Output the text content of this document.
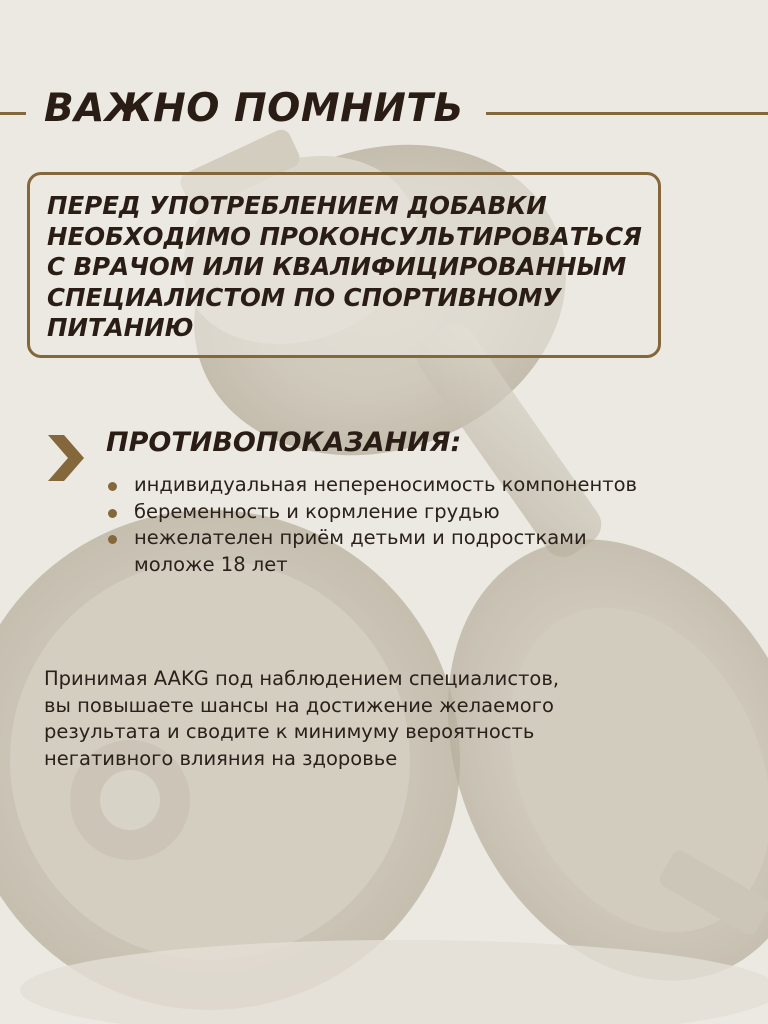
ВАЖНО ПОМНИТЬ
ПЕРЕД УПОТРЕБЛЕНИЕМ ДОБАВКИ
НЕОБХОДИМО ПРОКОНСУЛЬТИРОВАТЬСЯ
С ВРАЧОМ ИЛИ КВАЛИФИЦИРОВАННЫМ
СПЕЦИАЛИСТОМ ПО СПОРТИВНОМУ
ПИТАНИЮ
ПРОТИВОПОКАЗАНИЯ:
индивидуальная непереносимость компонентов
беременность и кормление грудью
нежелателен приём детьми и подростками моложе 18 лет
Принимая AAKG под наблюдением специалистов,
вы повышаете шансы на достижение желаемого
результата и сводите к минимуму вероятность
негативного влияния на здоровье
